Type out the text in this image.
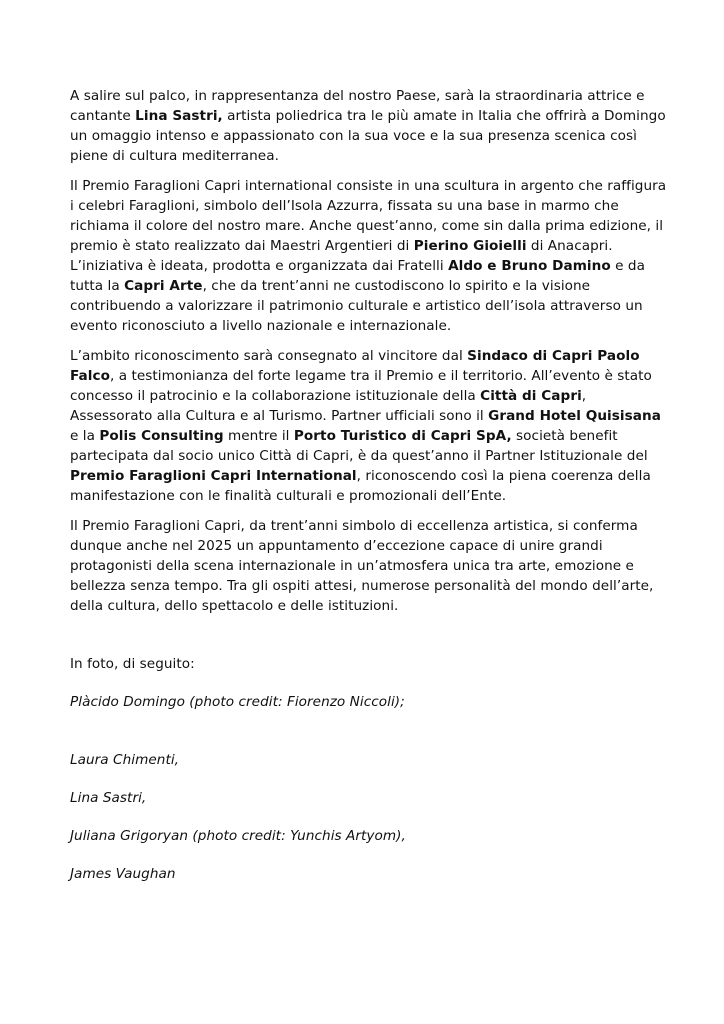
A salire sul palco, in rappresentanza del nostro Paese, sarà la straordinaria attrice e cantante Lina Sastri, artista poliedrica tra le più amate in Italia che offrirà a Domingo un omaggio intenso e appassionato con la sua voce e la sua presenza scenica così piene di cultura mediterranea.

Il Premio Faraglioni Capri international consiste in una scultura in argento che raffigura i celebri Faraglioni, simbolo dell’Isola Azzurra, fissata su una base in marmo che richiama il colore del nostro mare. Anche quest’anno, come sin dalla prima edizione, il premio è stato realizzato dai Maestri Argentieri di Pierino Gioielli di Anacapri. L’iniziativa è ideata, prodotta e organizzata dai Fratelli Aldo e Bruno Damino e da tutta la Capri Arte, che da trent’anni ne custodiscono lo spirito e la visione contribuendo a valorizzare il patrimonio culturale e artistico dell’isola attraverso un evento riconosciuto a livello nazionale e internazionale.

L’ambito riconoscimento sarà consegnato al vincitore dal Sindaco di Capri Paolo Falco, a testimonianza del forte legame tra il Premio e il territorio. All’evento è stato concesso il patrocinio e la collaborazione istituzionale della Città di Capri, Assessorato alla Cultura e al Turismo. Partner ufficiali sono il Grand Hotel Quisisana e la Polis Consulting mentre il Porto Turistico di Capri SpA, società benefit partecipata dal socio unico Città di Capri, è da quest’anno il Partner Istituzionale del Premio Faraglioni Capri International, riconoscendo così la piena coerenza della manifestazione con le finalità culturali e promozionali dell’Ente.

Il Premio Faraglioni Capri, da trent’anni simbolo di eccellenza artistica, si conferma dunque anche nel 2025 un appuntamento d’eccezione capace di unire grandi protagonisti della scena internazionale in un’atmosfera unica tra arte, emozione e bellezza senza tempo. Tra gli ospiti attesi, numerose personalità del mondo dell’arte, della cultura, dello spettacolo e delle istituzioni.

In foto, di seguito:

Plàcido Domingo (photo credit: Fiorenzo Niccoli);

Laura Chimenti,

Lina Sastri,

Juliana Grigoryan (photo credit: Yunchis Artyom),

James Vaughan
